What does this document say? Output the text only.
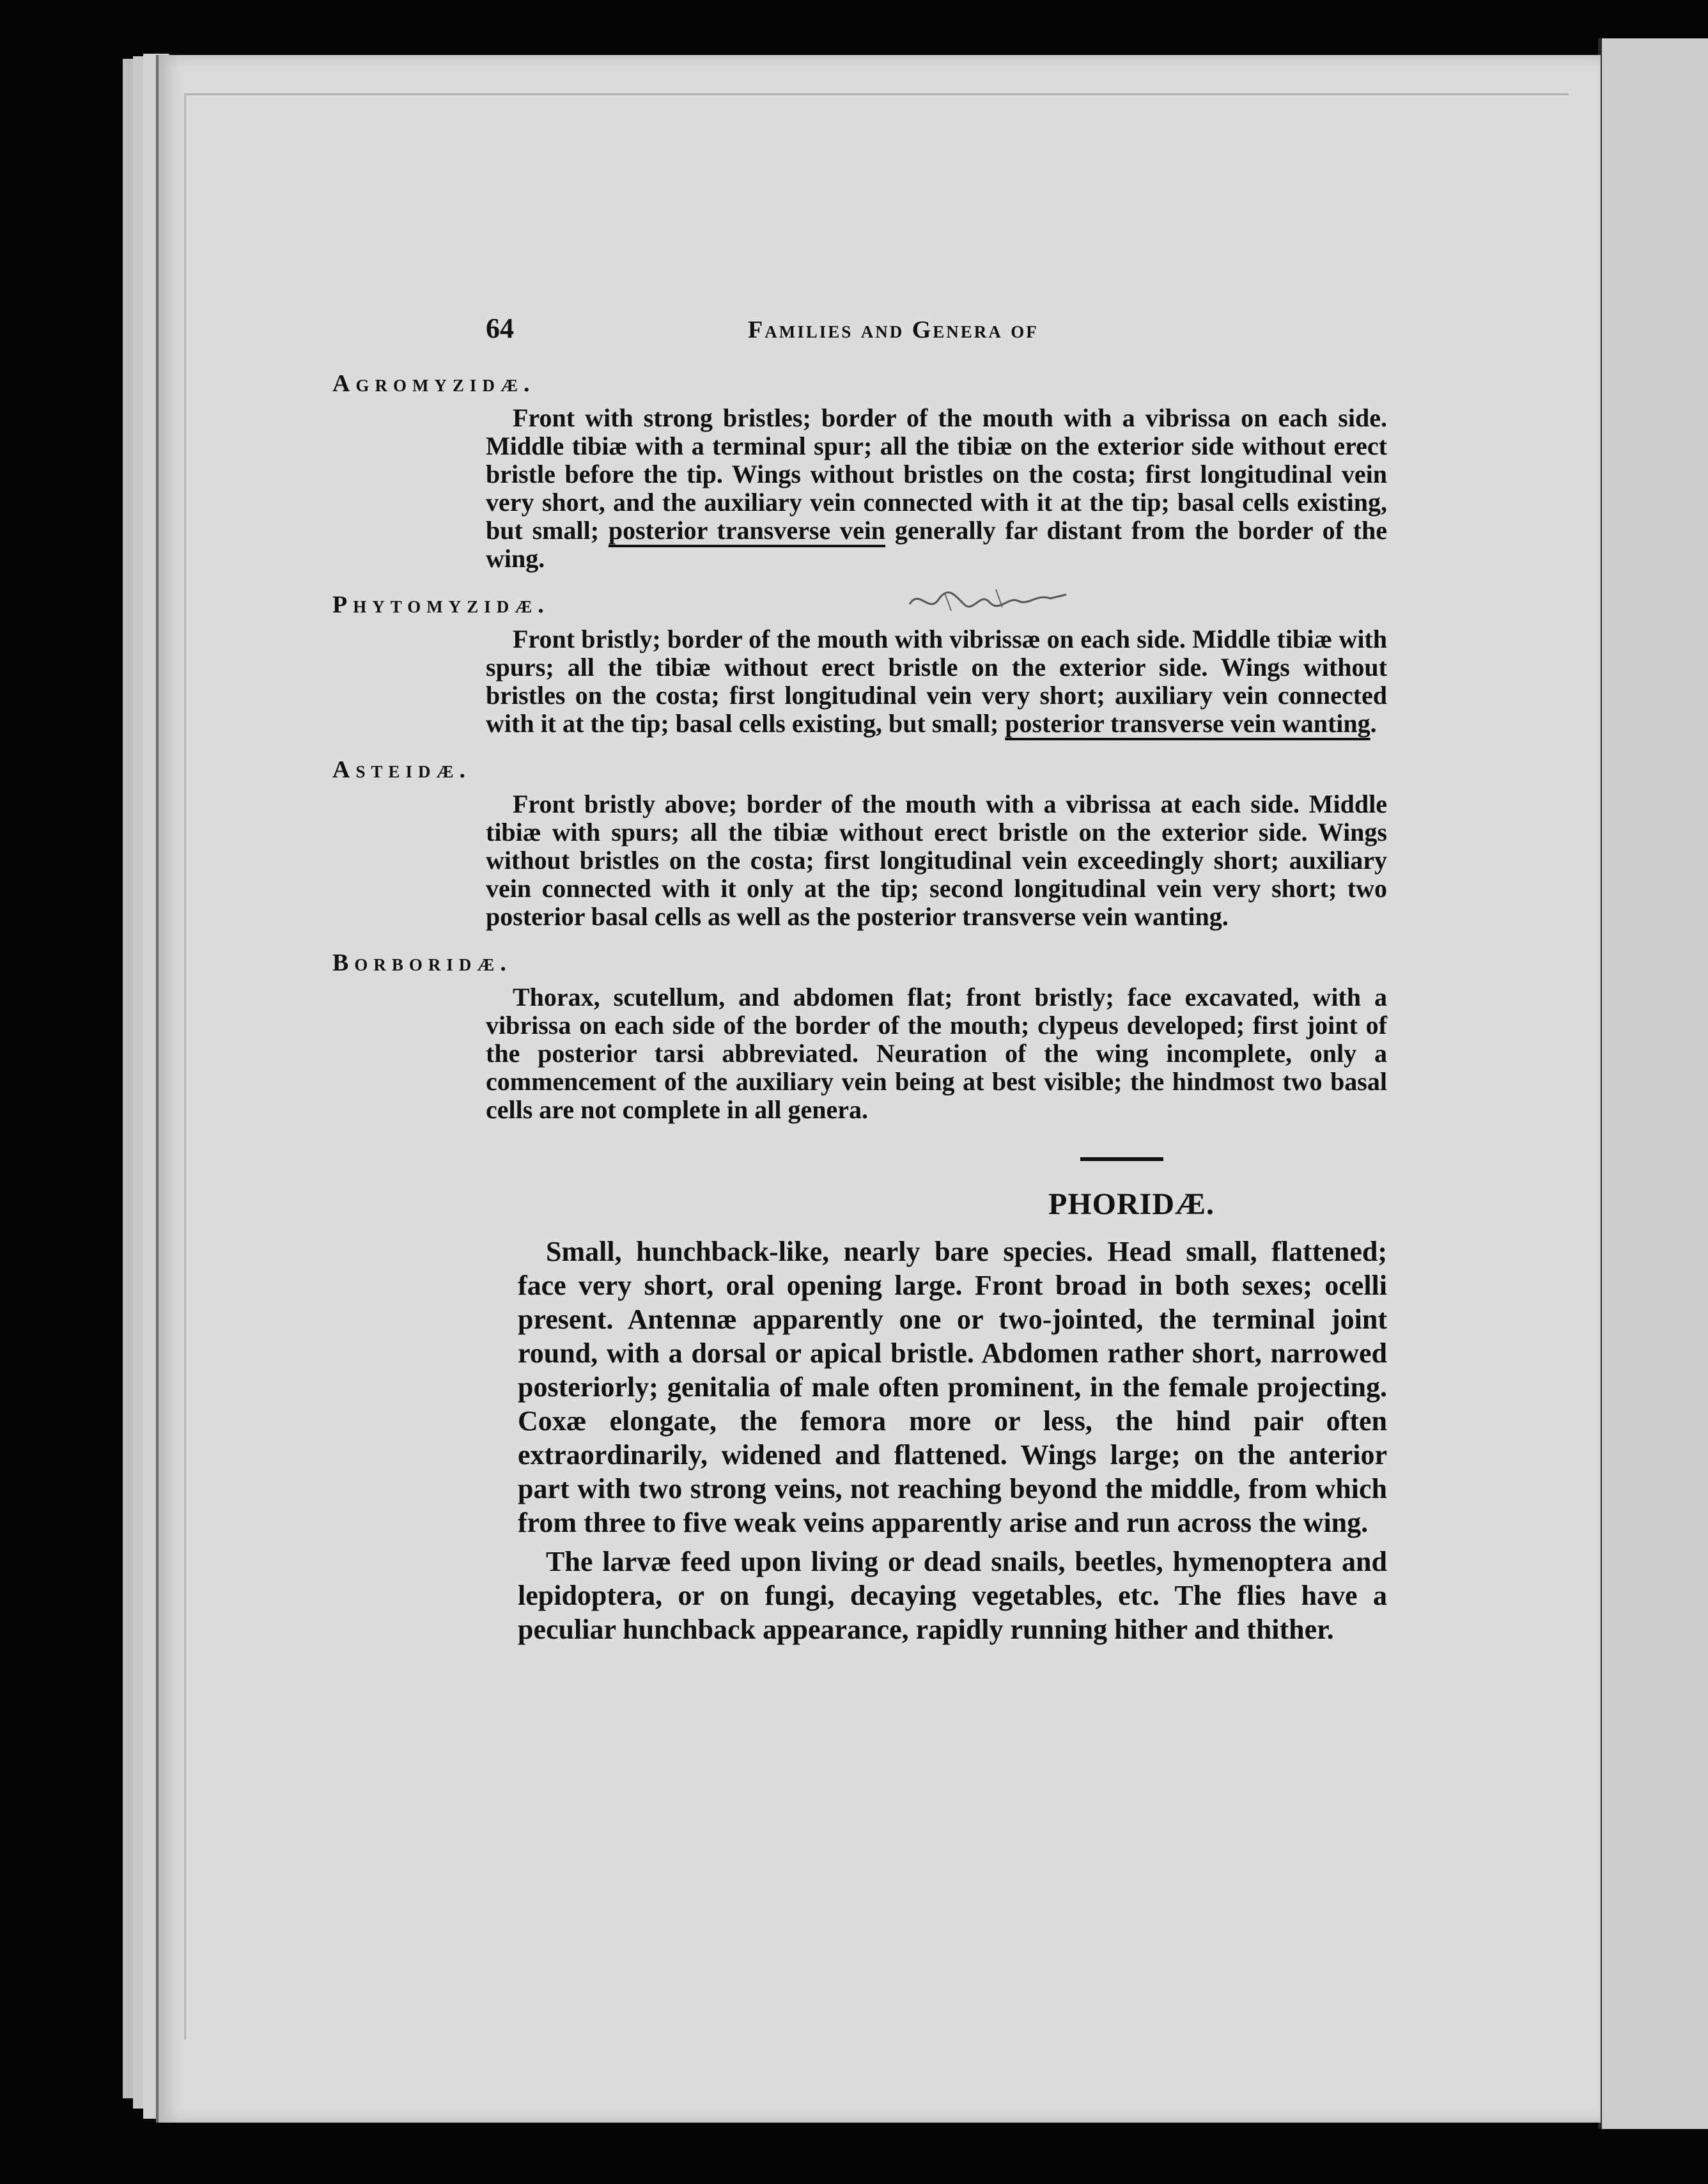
64	Families and Genera of
Agromyzidæ.

Front with strong bristles; border of the mouth with a vibrissa on each side. Middle tibiæ with a terminal spur; all the tibiæ on the exterior side without erect bristle before the tip. Wings without bristles on the costa; first longitudinal vein very short, and the auxiliary vein connected with it at the tip; basal cells existing, but small; posterior transverse vein generally far distant from the border of the wing.

Phytomyzidæ.

Front bristly; border of the mouth with vibrissæ on each side. Middle tibiæ with spurs; all the tibiæ without erect bristle on the exterior side. Wings without bristles on the costa; first longitudinal vein very short; auxiliary vein connected with it at the tip; basal cells existing, but small; posterior transverse vein wanting.

Asteidæ.

Front bristly above; border of the mouth with a vibrissa at each side. Middle tibiæ with spurs; all the tibiæ without erect bristle on the exterior side. Wings without bristles on the costa; first longitudinal vein exceedingly short; auxiliary vein connected with it only at the tip; second longitudinal vein very short; two posterior basal cells as well as the posterior transverse vein wanting.

Borboridæ.

Thorax, scutellum, and abdomen flat; front bristly; face excavated, with a vibrissa on each side of the border of the mouth; clypeus developed; first joint of the posterior tarsi abbreviated. Neuration of the wing incomplete, only a commencement of the auxiliary vein being at best visible; the hindmost two basal cells are not complete in all genera.

PHORIDÆ.

Small, hunchback-like, nearly bare species. Head small, flattened; face very short, oral opening large. Front broad in both sexes; ocelli present. Antennæ apparently one or two-jointed, the terminal joint round, with a dorsal or apical bristle. Abdomen rather short, narrowed posteriorly; genitalia of male often prominent, in the female projecting. Coxæ elongate, the femora more or less, the hind pair often extraordinarily, widened and flattened. Wings large; on the anterior part with two strong veins, not reaching beyond the middle, from which from three to five weak veins apparently arise and run across the wing.

The larvæ feed upon living or dead snails, beetles, hymenoptera and lepidoptera, or on fungi, decaying vegetables, etc. The flies have a peculiar hunchback appearance, rapidly running hither and thither.
